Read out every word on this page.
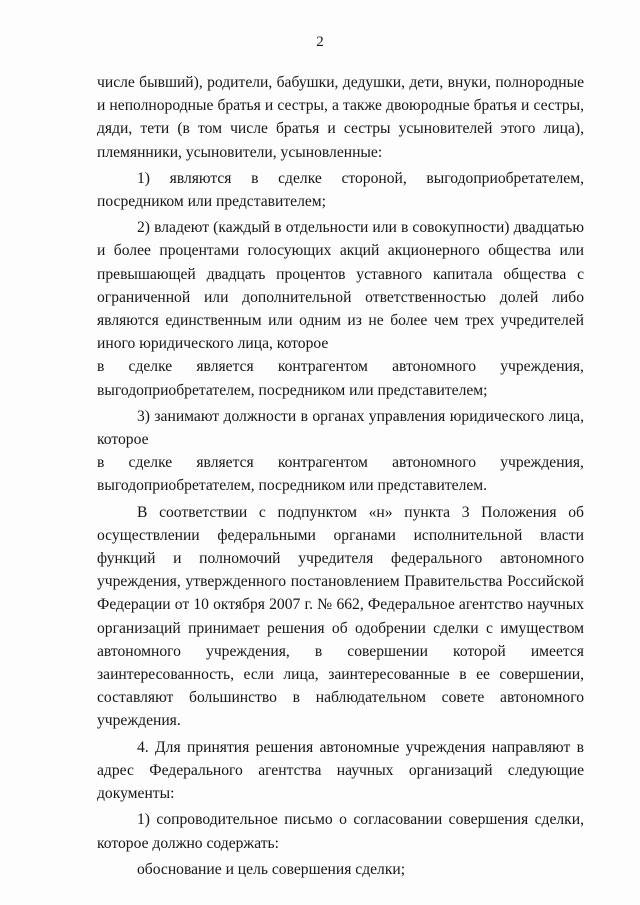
2

числе бывший), родители, бабушки, дедушки, дети, внуки, полнородные и неполнородные братья и сестры, а также двоюродные братья и сестры, дяди, тети (в том числе братья и сестры усыновителей этого лица), племянники, усыновители, усыновленные:

1) являются в сделке стороной, выгодоприобретателем, посредником или представителем;

2) владеют (каждый в отдельности или в совокупности) двадцатью и более процентами голосующих акций акционерного общества или превышающей двадцать процентов уставного капитала общества с ограниченной или дополнительной ответственностью долей либо являются единственным или одним из не более чем трех учредителей иного юридического лица, которое

в сделке является контрагентом автономного учреждения,

выгодоприобретателем, посредником или представителем;

3) занимают должности в органах управления юридического лица, которое

в сделке является контрагентом автономного учреждения,

выгодоприобретателем, посредником или представителем.

В соответствии с подпунктом «н» пункта 3 Положения об осуществлении федеральными органами исполнительной власти функций и полномочий учредителя федерального автономного учреждения, утвержденного постановлением Правительства Российской Федерации от 10 октября 2007 г. № 662, Федеральное агентство научных организаций принимает решения об одобрении сделки с имуществом автономного учреждения, в совершении которой имеется заинтересованность, если лица, заинтересованные в ее совершении, составляют большинство в наблюдательном совете автономного учреждения.

4. Для принятия решения автономные учреждения направляют в адрес Федерального агентства научных организаций следующие документы:

1) сопроводительное письмо о согласовании совершения сделки, которое должно содержать:

обоснование и цель совершения сделки;
